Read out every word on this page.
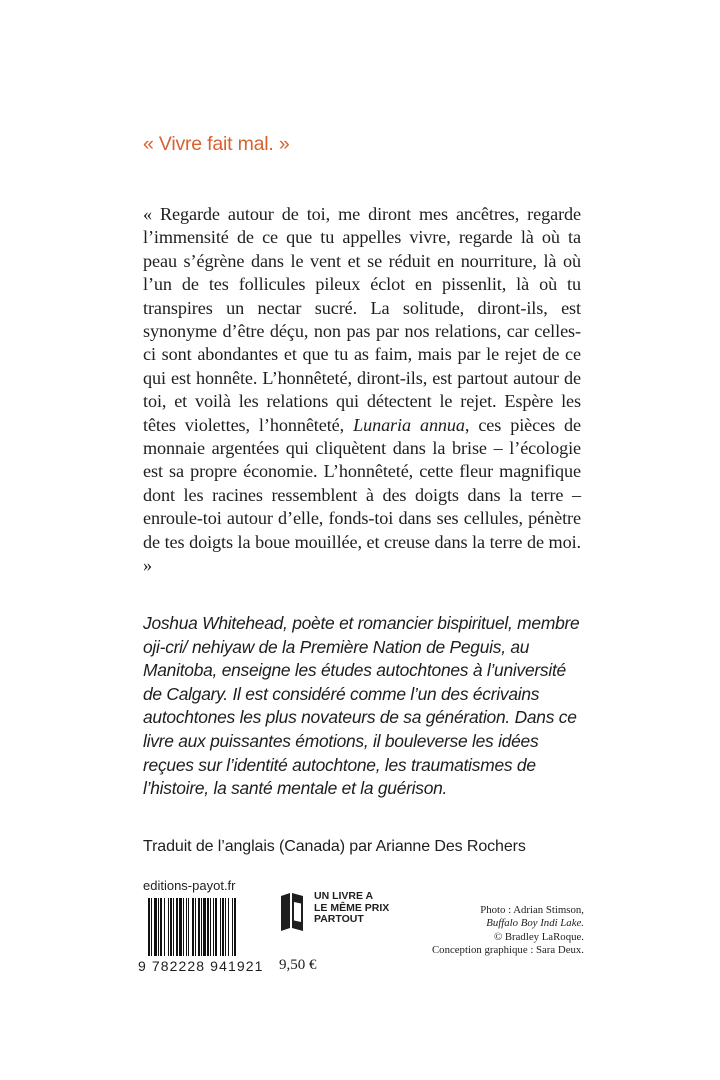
« Vivre fait mal. »

« Regarde autour de toi, me diront mes ancêtres, regarde l’immensité de ce que tu appelles vivre, regarde là où ta peau s’égrène dans le vent et se réduit en nourriture, là où l’un de tes follicules pileux éclot en pissenlit, là où tu transpires un nectar sucré. La solitude, diront-ils, est synonyme d’être déçu, non pas par nos relations, car celles-ci sont abondantes et que tu as faim, mais par le rejet de ce qui est honnête. L’honnêteté, diront-ils, est partout autour de toi, et voilà les relations qui détectent le rejet. Espère les têtes violettes, l’honnêteté, Lunaria annua, ces pièces de monnaie argentées qui cliquètent dans la brise – l’écologie est sa propre économie. L’honnêteté, cette fleur magnifique dont les racines ressemblent à des doigts dans la terre – enroule-toi autour d’elle, fonds-toi dans ses cellules, pénètre de tes doigts la boue mouillée, et creuse dans la terre de moi. »

Joshua Whitehead, poète et romancier bispirituel, membre oji-cri/ nehiyaw de la Première Nation de Peguis, au Manitoba, enseigne les études autochtones à l’université de Calgary. Il est considéré comme l’un des écrivains autochtones les plus novateurs de sa génération. Dans ce livre aux puissantes émotions, il bouleverse les idées reçues sur l’identité autochtone, les traumatismes de l’histoire, la santé mentale et la guérison.

Traduit de l’anglais (Canada) par Arianne Des Rochers
editions-payot.fr
9 782228 941921 9,50 €
UN LIVRE A
LE MÊME PRIX
PARTOUT
Photo : Adrian Stimson,
Buffalo Boy Indi Lake.
© Bradley LaRoque.
Conception graphique : Sara Deux.
